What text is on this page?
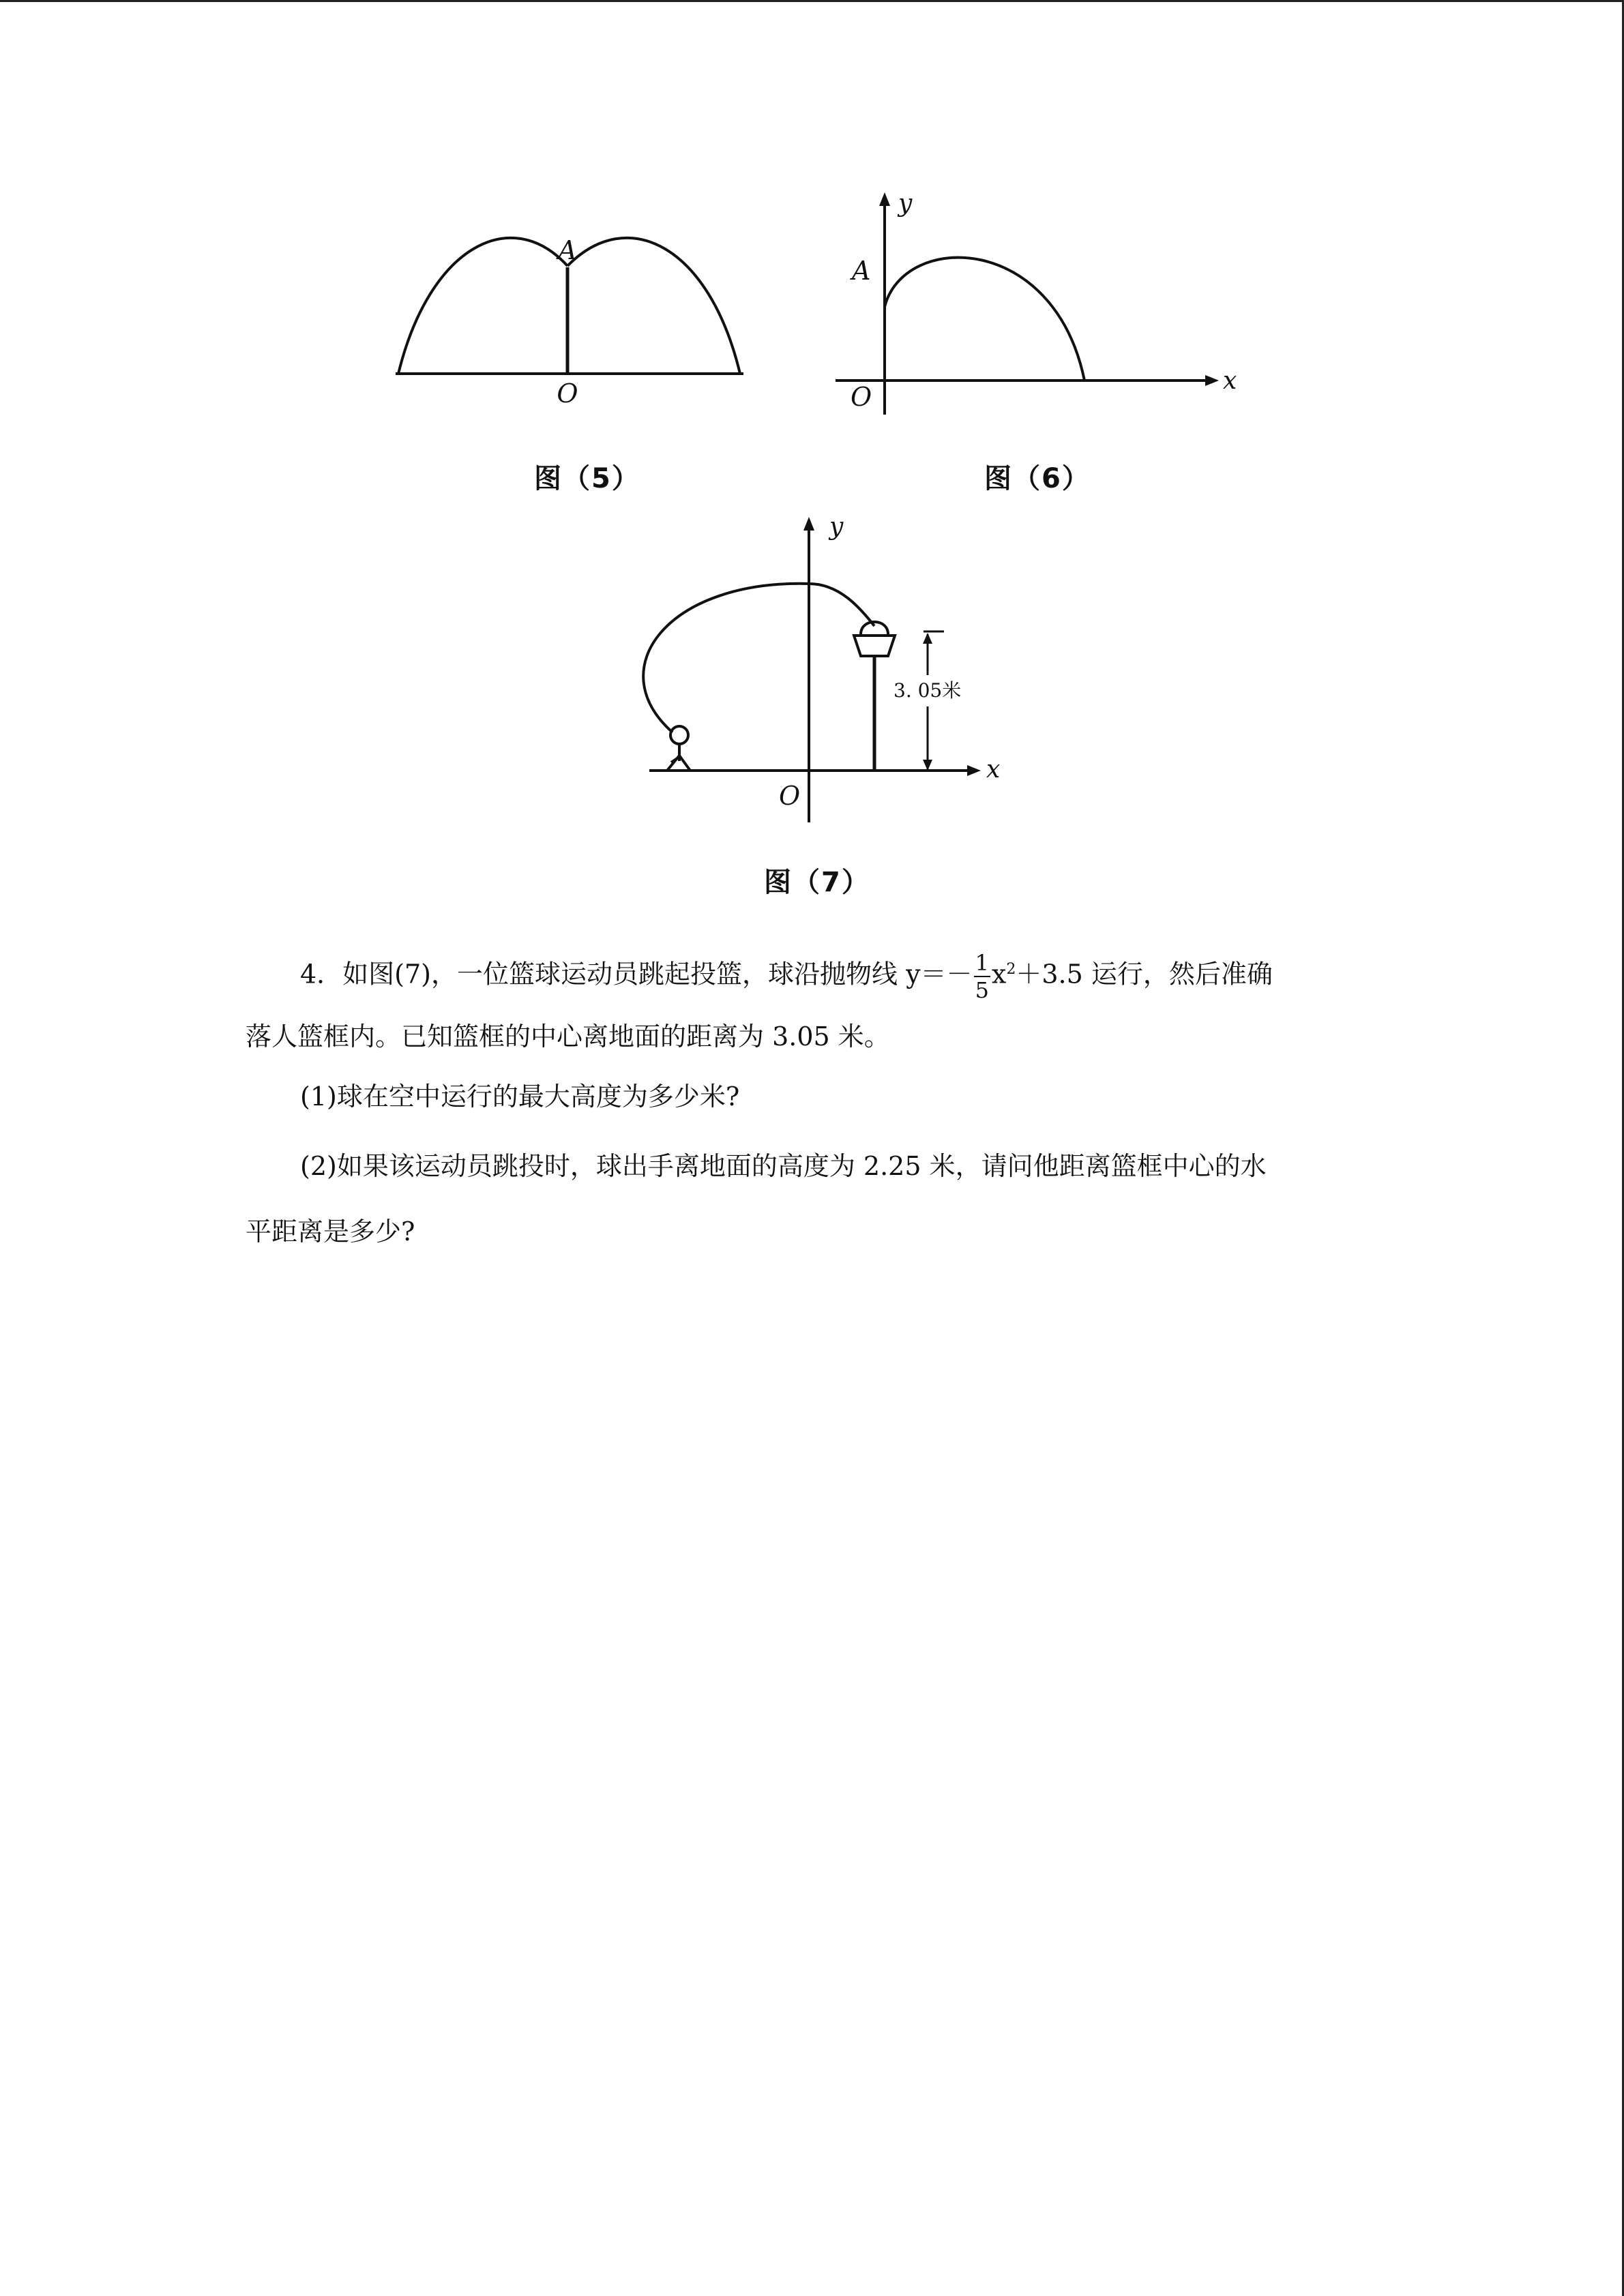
A
O
图（5）
y
A
O
x
图（6）
3. 05米
y
O
x
图（7）
4．如图(7)，一位篮球运动员跳起投篮，球沿抛物线 $y=- \frac{1}{5} x^2+3.5$ 运行，然后准确
落人篮框内。已知篮框的中心离地面的距离为 3.05 米。
(1)球在空中运行的最大高度为多少米?
(2)如果该运动员跳投时，球出手离地面的高度为 2.25 米，请问他距离篮框中心的水
平距离是多少?
